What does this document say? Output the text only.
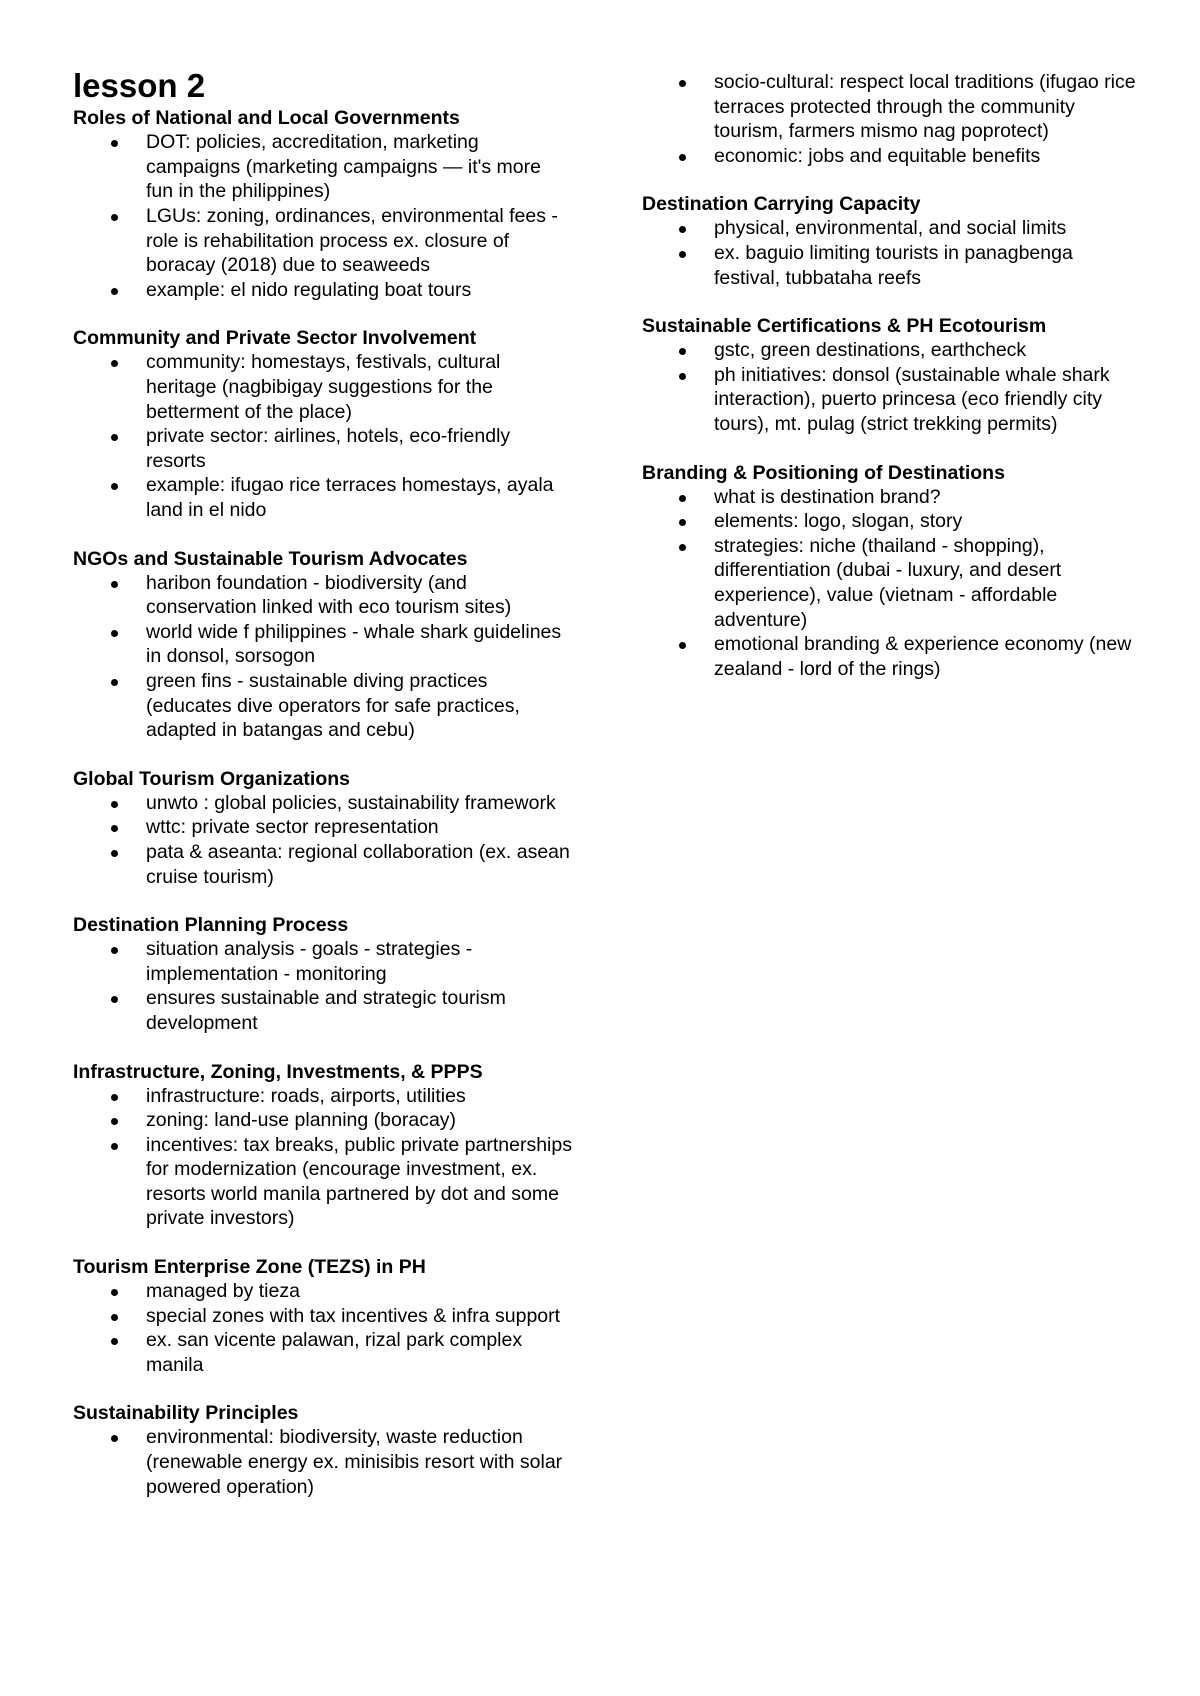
lesson 2
Roles of National and Local Governments
DOT: policies, accreditation, marketing campaigns (marketing campaigns — it's more fun in the philippines)
LGUs: zoning, ordinances, environmental fees - role is rehabilitation process ex. closure of boracay (2018) due to seaweeds
example: el nido regulating boat tours
Community and Private Sector Involvement
community: homestays, festivals, cultural heritage (nagbibigay suggestions for the betterment of the place)
private sector: airlines, hotels, eco-friendly resorts
example: ifugao rice terraces homestays, ayala land in el nido
NGOs and Sustainable Tourism Advocates
haribon foundation - biodiversity (and conservation linked with eco tourism sites)
world wide f philippines - whale shark guidelines in donsol, sorsogon
green fins - sustainable diving practices (educates dive operators for safe practices, adapted in batangas and cebu)
Global Tourism Organizations
unwto : global policies, sustainability framework
wttc: private sector representation
pata & aseanta: regional collaboration (ex. asean cruise tourism)
Destination Planning Process
situation analysis - goals - strategies - implementation - monitoring
ensures sustainable and strategic tourism development
Infrastructure, Zoning, Investments, & PPPS
infrastructure: roads, airports, utilities
zoning: land-use planning (boracay)
incentives: tax breaks, public private partnerships for modernization (encourage investment, ex. resorts world manila partnered by dot and some private investors)
Tourism Enterprise Zone (TEZS) in PH
managed by tieza
special zones with tax incentives & infra support
ex. san vicente palawan, rizal park complex manila
Sustainability Principles
environmental: biodiversity, waste reduction (renewable energy ex. minisibis resort with solar powered operation)
socio-cultural: respect local traditions (ifugao rice terraces protected through the community tourism, farmers mismo nag poprotect)
economic: jobs and equitable benefits
Destination Carrying Capacity
physical, environmental, and social limits
ex. baguio limiting tourists in panagbenga festival, tubbataha reefs
Sustainable Certifications & PH Ecotourism
gstc, green destinations, earthcheck
ph initiatives: donsol (sustainable whale shark interaction), puerto princesa (eco friendly city tours), mt. pulag (strict trekking permits)
Branding & Positioning of Destinations
what is destination brand?
elements: logo, slogan, story
strategies: niche (thailand - shopping), differentiation (dubai - luxury, and desert experience), value (vietnam - affordable adventure)
emotional branding & experience economy (new zealand - lord of the rings)
